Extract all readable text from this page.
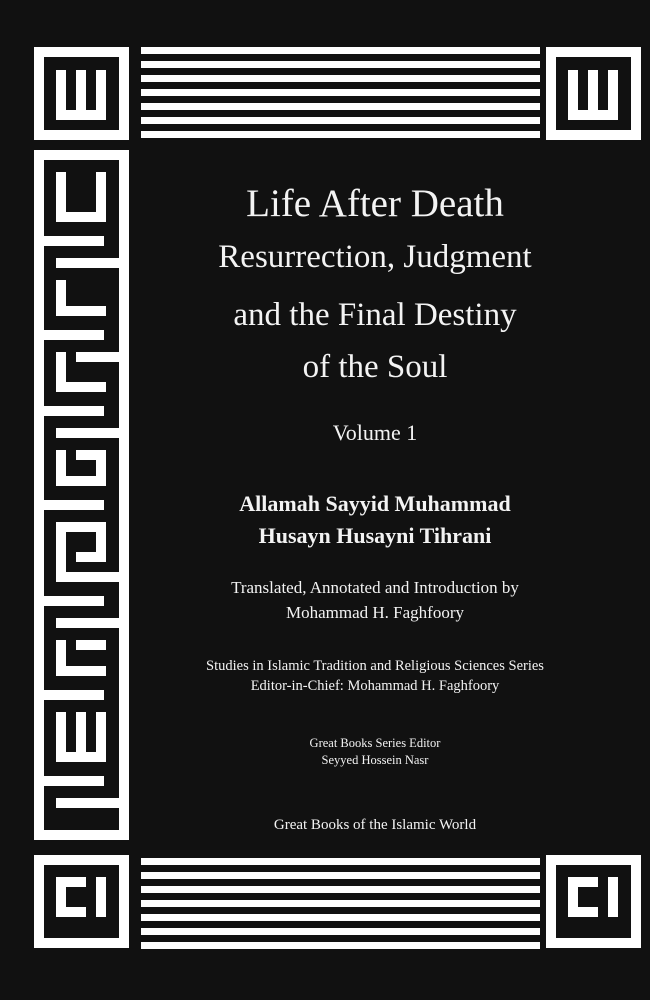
Life After Death
Resurrection, Judgment
and the Final Destiny
of the Soul
Volume 1
Allamah Sayyid Muhammad
Husayn Husayni Tihrani
Translated, Annotated and Introduction by
Mohammad H. Faghfoory
Studies in Islamic Tradition and Religious Sciences Series
Editor-in-Chief: Mohammad H. Faghfoory
Great Books Series Editor
Seyyed Hossein Nasr
Great Books of the Islamic World
